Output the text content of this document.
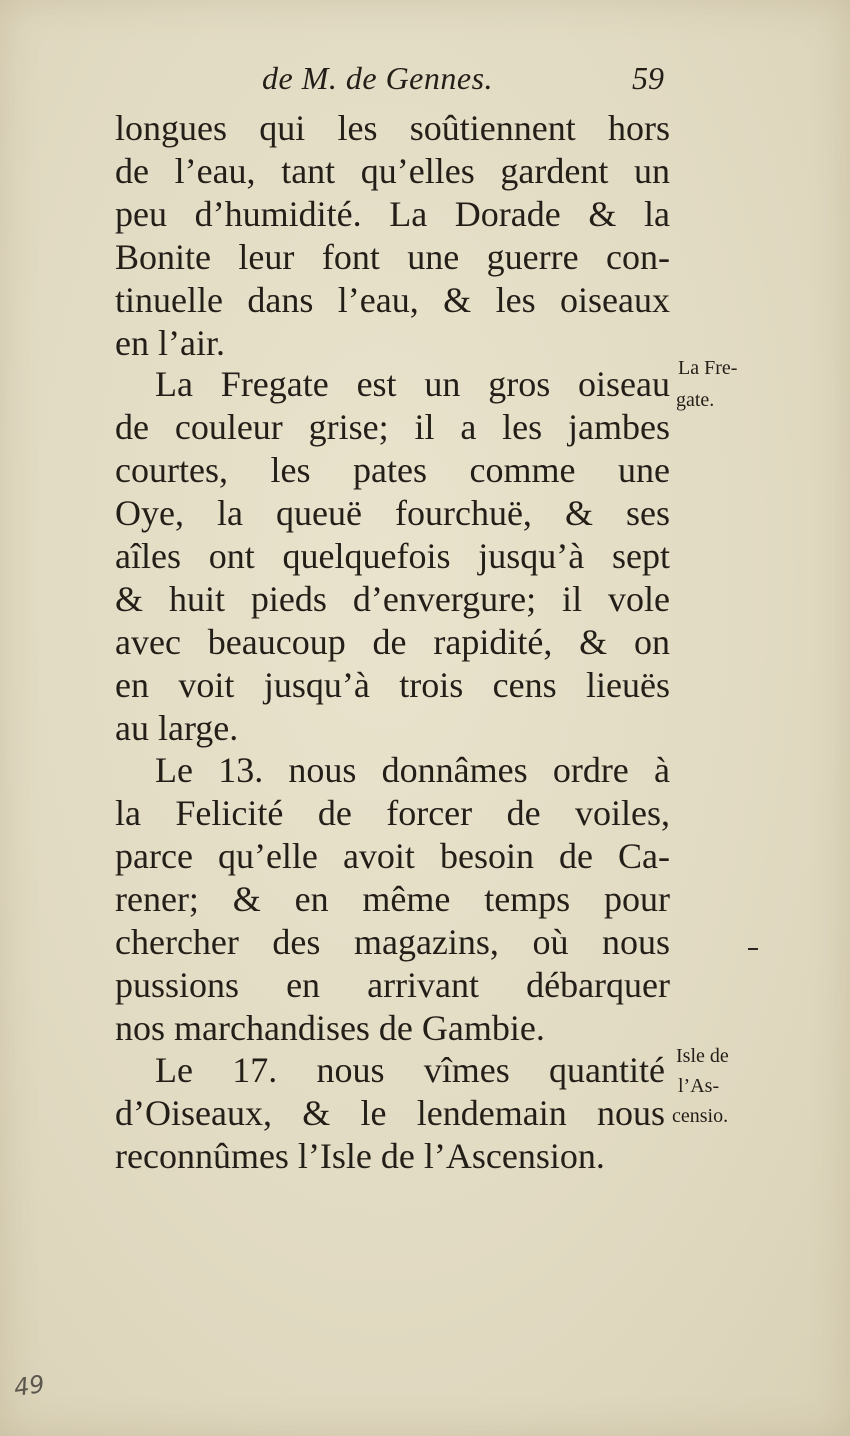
de M. de Gennes.	59
longues qui les soûtiennent hors
de l’eau, tant qu’elles gardent un
peu d’humidité. La Dorade & la
Bonite leur font une guerre con-
tinuelle dans l’eau, & les oiseaux
en l’air.
La Fregate est un gros oiseau
de couleur grise; il a les jambes
courtes, les pates comme une
Oye, la queuë fourchuë, & ses
aîles ont quelquefois jusqu’à sept
& huit pieds d’envergure; il vole
avec beaucoup de rapidité, & on
en voit jusqu’à trois cens lieuës
au large.
Le 13. nous donnâmes ordre à
la Felicité de forcer de voiles,
parce qu’elle avoit besoin de Ca-
rener; & en même temps pour
chercher des magazins, où nous
pussions en arrivant débarquer
nos marchandises de Gambie.
Le 17. nous vîmes quantité
d’Oiseaux, & le lendemain nous
reconnûmes l’Isle de l’Ascension.
La Fre-
gate.
Isle de
l’As-
censio.
49
